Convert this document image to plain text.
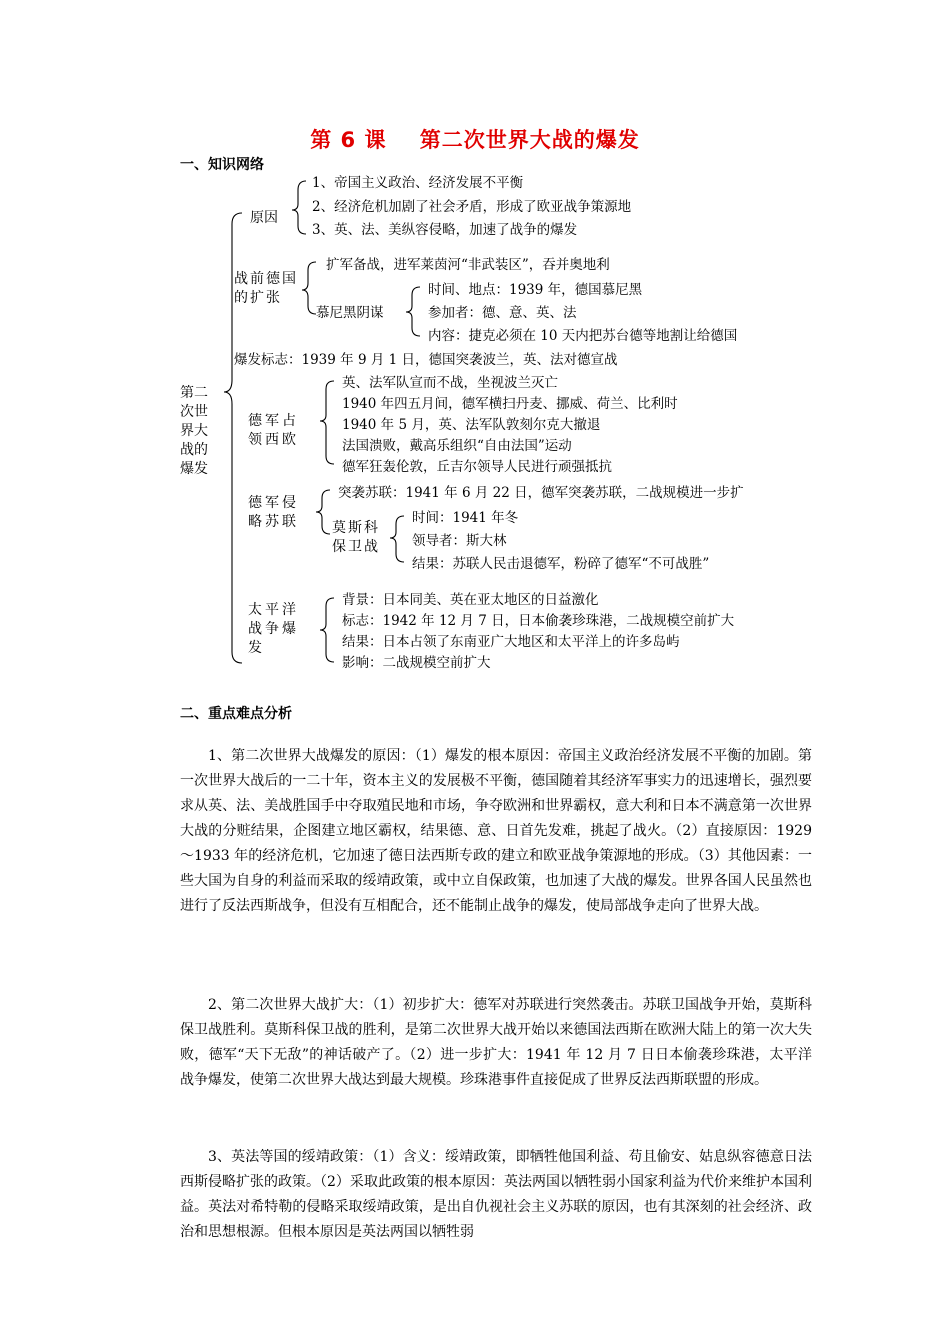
第 6 课    第二次世界大战的爆发
一、知识网络
第二次世界大战的爆发
原因
1、帝国主义政治、经济发展不平衡
2、经济危机加剧了社会矛盾，形成了欧亚战争策源地
3、英、法、美纵容侵略，加速了战争的爆发
战前德国的扩张
扩军备战，进军莱茵河“非武装区”，吞并奥地利
慕尼黑阴谋
时间、地点：1939 年，德国慕尼黑
参加者：德、意、英、法
内容：捷克必须在 10 天内把苏台德等地割让给德国
爆发标志：1939 年 9 月 1 日，德国突袭波兰，英、法对德宣战
德军占领西欧
英、法军队宣而不战，坐视波兰灭亡
1940 年四五月间，德军横扫丹麦、挪威、荷兰、比利时
1940 年 5 月，英、法军队敦刻尔克大撤退
法国溃败，戴高乐组织“自由法国”运动
德军狂轰伦敦，丘吉尔领导人民进行顽强抵抗
德军侵略苏联
突袭苏联：1941 年 6 月 22 日，德军突袭苏联，二战规模进一步扩
莫斯科保卫战
时间：1941 年冬
领导者：斯大林
结果：苏联人民击退德军，粉碎了德军“不可战胜”
太平洋战争爆发
背景：日本同美、英在亚太地区的日益激化
标志：1942 年 12 月 7 日，日本偷袭珍珠港，二战规模空前扩大
结果：日本占领了东南亚广大地区和太平洋上的许多岛屿
影响：二战规模空前扩大
二、重点难点分析

1、第二次世界大战爆发的原因：（1）爆发的根本原因：帝国主义政治经济发展不平衡的加剧。第一次世界大战后的一二十年，资本主义的发展极不平衡，德国随着其经济军事实力的迅速增长，强烈要求从英、法、美战胜国手中夺取殖民地和市场，争夺欧洲和世界霸权，意大利和日本不满意第一次世界大战的分赃结果，企图建立地区霸权，结果德、意、日首先发难，挑起了战火。（2）直接原因：1929～1933 年的经济危机，它加速了德日法西斯专政的建立和欧亚战争策源地的形成。（3）其他因素：一些大国为自身的利益而采取的绥靖政策，或中立自保政策，也加速了大战的爆发。世界各国人民虽然也进行了反法西斯战争，但没有互相配合，还不能制止战争的爆发，使局部战争走向了世界大战。

2、第二次世界大战扩大：（1）初步扩大：德军对苏联进行突然袭击。苏联卫国战争开始，莫斯科保卫战胜利。莫斯科保卫战的胜利，是第二次世界大战开始以来德国法西斯在欧洲大陆上的第一次大失败，德军“天下无敌”的神话破产了。（2）进一步扩大：1941 年 12 月 7 日日本偷袭珍珠港，太平洋战争爆发，使第二次世界大战达到最大规模。珍珠港事件直接促成了世界反法西斯联盟的形成。

3、英法等国的绥靖政策：（1）含义：绥靖政策，即牺牲他国利益、苟且偷安、姑息纵容德意日法西斯侵略扩张的政策。（2）采取此政策的根本原因：英法两国以牺牲弱小国家利益为代价来维护本国利益。英法对希特勒的侵略采取绥靖政策，是出自仇视社会主义苏联的原因，也有其深刻的社会经济、政治和思想根源。但根本原因是英法两国以牺牲弱
